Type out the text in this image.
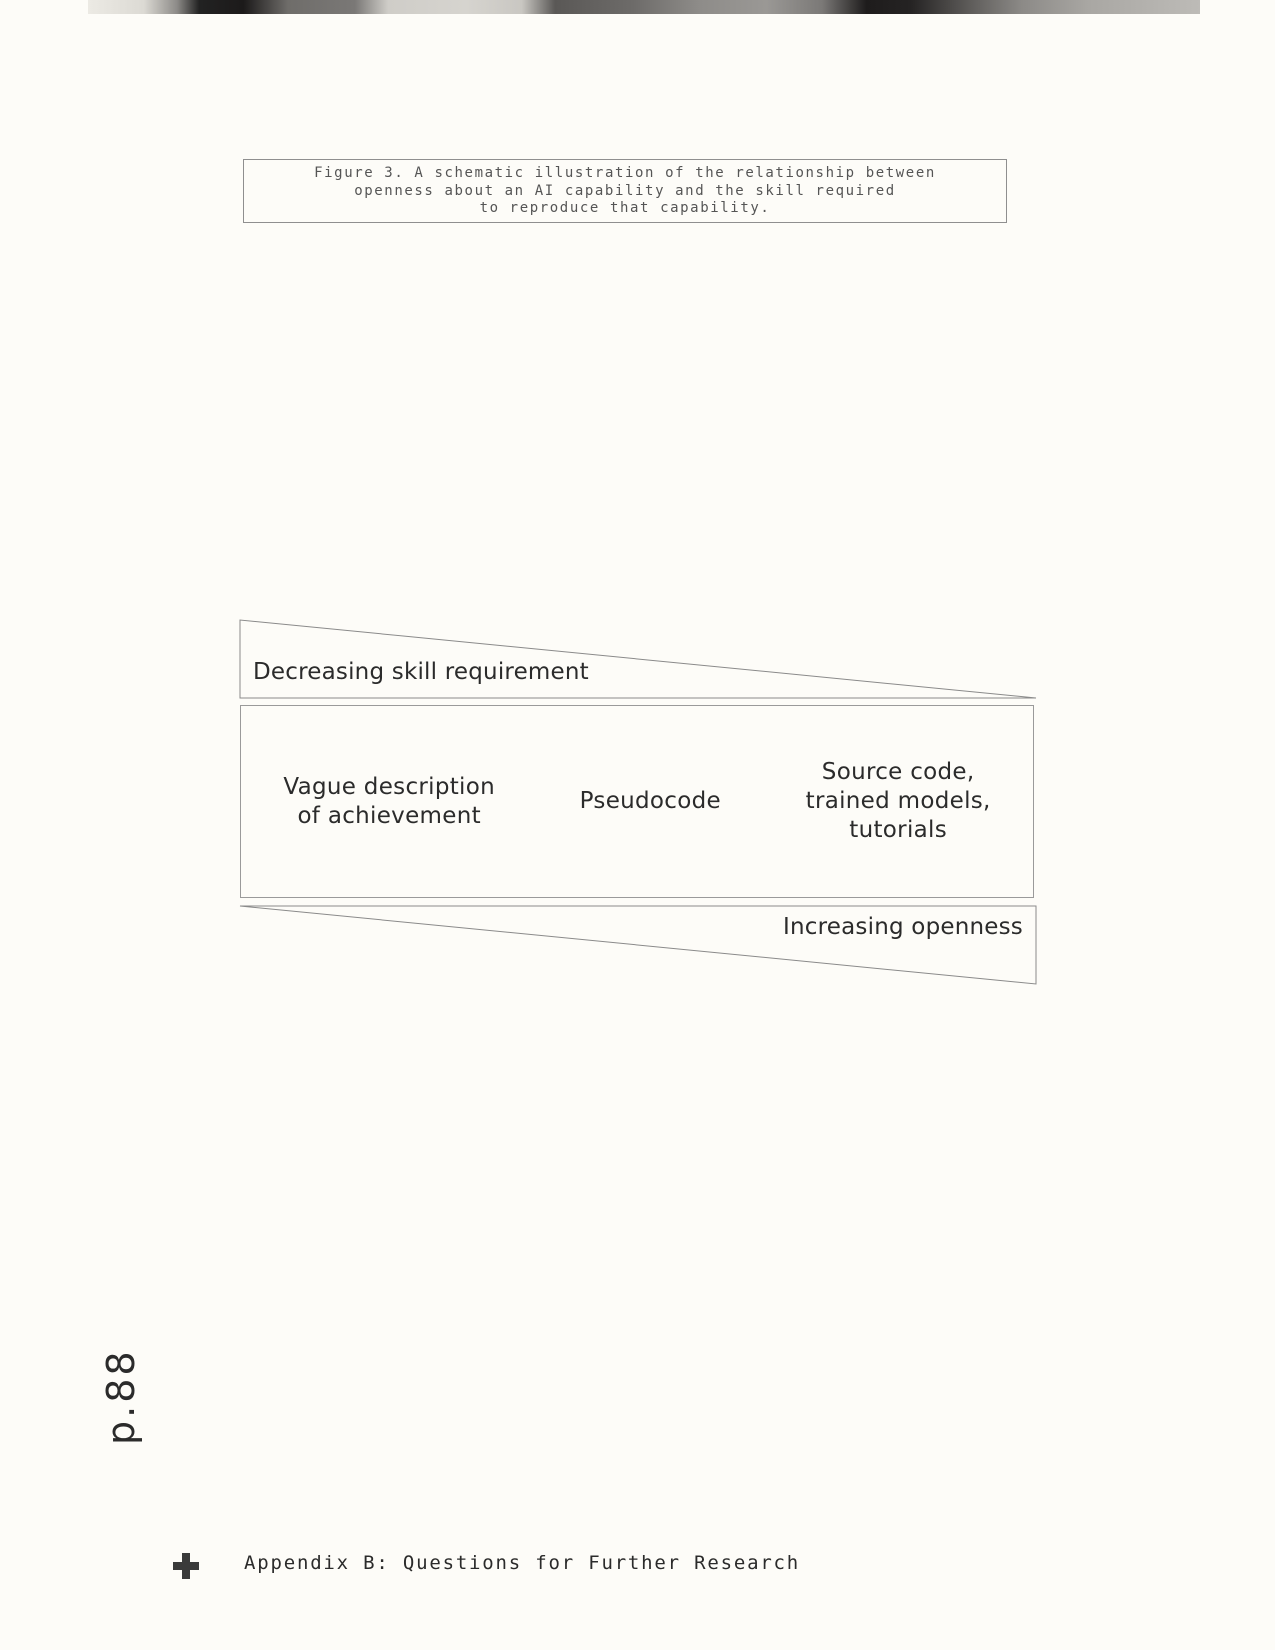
Figure 3. A schematic illustration of the relationship between
openness about an AI capability and the skill required
to reproduce that capability.
Decreasing skill requirement
Vague description
of achievement
Pseudocode
Source code,
trained models,
tutorials
Increasing openness
p.88
Appendix B: Questions for Further Research
